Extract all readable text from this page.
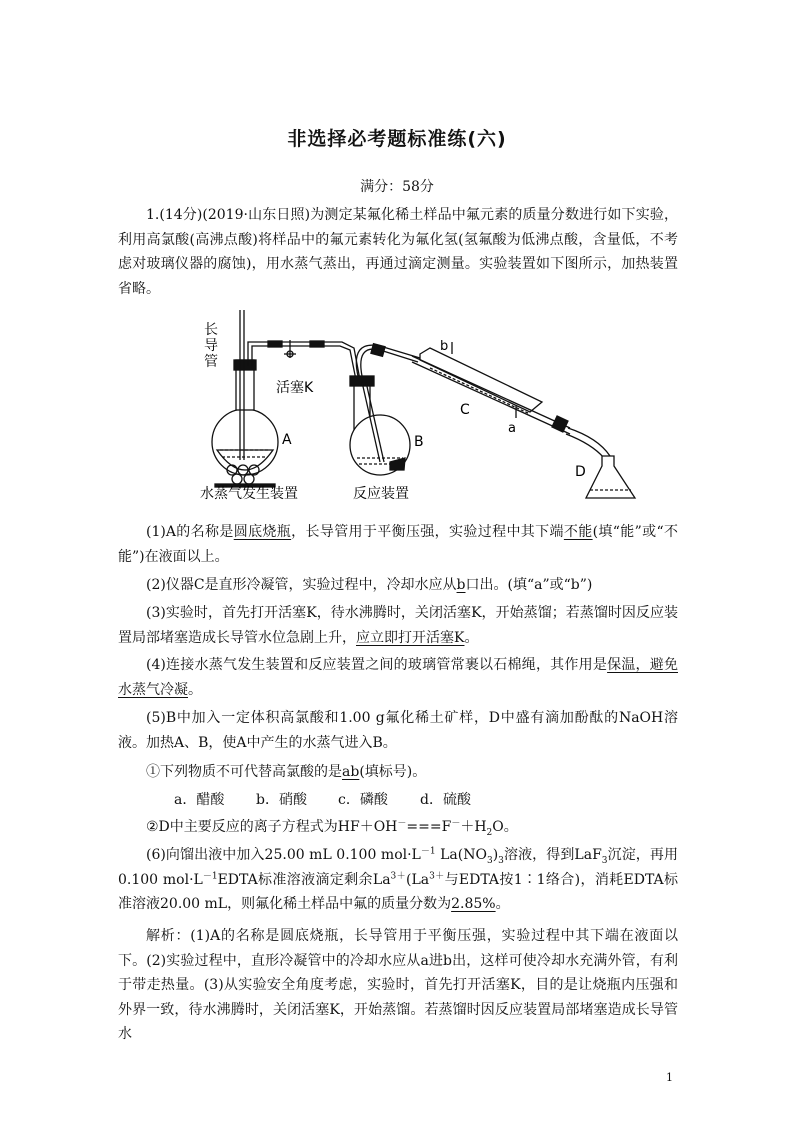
非选择必考题标准练(六)
满分：58分
1.(14分)(2019·山东日照)为测定某氟化稀土样品中氟元素的质量分数进行如下实验，利用高氯酸(高沸点酸)将样品中的氟元素转化为氟化氢(氢氟酸为低沸点酸，含量低，不考虑对玻璃仪器的腐蚀)，用水蒸气蒸出，再通过滴定测量。实验装置如下图所示，加热装置省略。
长
导
管
活塞K
A	B
C
D
a
b
水蒸气发生装置	反应装置
(1)A的名称是圆底烧瓶，长导管用于平衡压强，实验过程中其下端不能(填“能”或“不能”)在液面以上。
(2)仪器C是直形冷凝管，实验过程中，冷却水应从b口出。(填“a”或“b”)
(3)实验时，首先打开活塞K，待水沸腾时，关闭活塞K，开始蒸馏；若蒸馏时因反应装置局部堵塞造成长导管水位急剧上升，应立即打开活塞K。
(4)连接水蒸气发生装置和反应装置之间的玻璃管常裹以石棉绳，其作用是保温，避免水蒸气冷凝。
(5)B中加入一定体积高氯酸和1.00 g氟化稀土矿样，D中盛有滴加酚酞的NaOH溶液。加热A、B，使A中产生的水蒸气进入B。
①下列物质不可代替高氯酸的是ab(填标号)。
a．醋酸 b．硝酸 c．磷酸 d．硫酸
②D中主要反应的离子方程式为$HF+OH^-===F^-+H_2O$。
(6)向馏出液中加入25.00 mL 0.100 $mol\cdot L^{-1}$ $La(NO_3)_3$溶液，得到LaF$_3$沉淀，再用0.100 $mol\cdot L^{-1}EDTA$标准溶液滴定剩余$La^{3+}(La^{3+}$与EDTA按1∶1络合)，消耗EDTA标准溶液20.00 mL，则氟化稀土样品中氟的质量分数为2.85%。
解析：(1)A的名称是圆底烧瓶，长导管用于平衡压强，实验过程中其下端在液面以下。(2)实验过程中，直形冷凝管中的冷却水应从a进b出，这样可使冷却水充满外管，有利于带走热量。(3)从实验安全角度考虑，实验时，首先打开活塞K，目的是让烧瓶内压强和外界一致，待水沸腾时，关闭活塞K，开始蒸馏。若蒸馏时因反应装置局部堵塞造成长导管水
1
